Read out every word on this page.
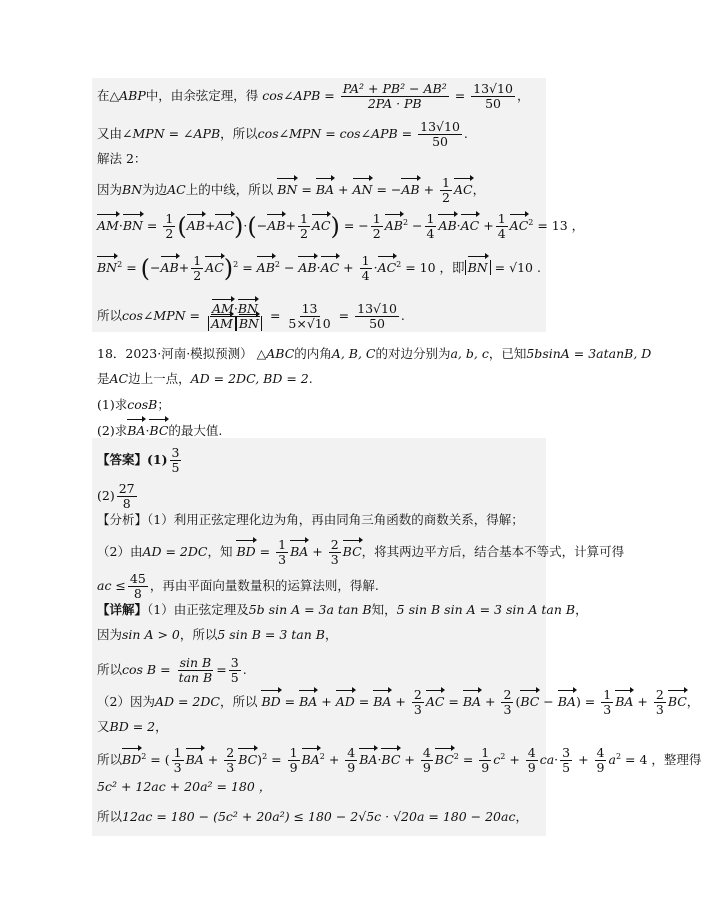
在△ABP中，由余弦定理，得 cos∠APB = $\frac{\text{PA² + PB² − AB²}}{2PA \cdot PB} = \frac{13√10}{50}$ ，
又由∠MPN = ∠APB，所以cos∠MPN = cos∠APB = $\frac{13√10}{50}$ .
解法 2：
因为BN为边AC上的中线，所以 BN = BA + AN = $-AB + \frac{1}{2}$ AC，
$AM\cdot BN = \frac{1}{2} (AB+AC)\cdot(-AB+ \frac{1}{2} AC)$ = − $\frac{1}{2} AB^2 - \frac{1}{4} AB\cdot AC + \frac{1}{4} AC^2 = 13$ ，
$BN^2 = (-AB+ \frac{1}{2} AC)^2 = AB^2 - AB\cdot AC + \frac{1}{4} \cdot AC^2 = 10$ ，即 BN = √10 .
所以cos∠MPN = $\frac{AM\cdot BN}{\text{AM BN}} = \frac{13}{5\times√10} = \frac{13√10}{50}$ .
18．2023·河南·模拟预测） △ABC的内角A, B, C的对边分别为a, b, c，已知5bsinA = 3atanB, D
是AC边上一点，AD = 2DC, BD = 2.
(1)求cosB；
(2)求BA·BC的最大值.
【答案】$(1) \frac{3}{5}$
$(2) \frac{27}{8}$
【分析】（1）利用正弦定理化边为角，再由同角三角函数的商数关系，得解；
（2）由AD = 2DC，知 BD = $\frac{1}{3}$ BA + $\frac{2}{3}$ BC，将其两边平方后，结合基本不等式，计算可得
ac ≤ $\frac{45}{8}$ ，再由平面向量数量积的运算法则，得解.
【详解】（1）由正弦定理及5b sin A = 3a tan B知，5 sin B sin A = 3 sin A tan B，
因为sin A > 0，所以5 sin B = 3 tan B，
所以$\cos B = \frac{\text{sin B}}{\text{tan B}} = \frac{3}{5}$ .
（2）因为AD = 2DC，所以 BD = BA + AD = BA + $\frac{2}{3}$ AC = BA + $\frac{2}{3} (BC - BA) = \frac{1}{3}$ BA + $\frac{2}{3}$ BC，
又BD = 2，
所以$BD^2$ = ( $\frac{1}{3}$ BA + $\frac{2}{3} BC)^2 = \frac{1}{9} BA^2 + \frac{4}{9} BA\cdot BC + \frac{4}{9} BC^2 = \frac{1}{9} c^2 + \frac{4}{9} ca\cdot \frac{3}{5} + \frac{4}{9} a^2 = 4$ ，整理得
5c² + 12ac + 20a² = 180 ，
所以12ac = 180 − (5c² + 20a²) ≤ 180 − 2√5c · √20a = 180 − 20ac，
